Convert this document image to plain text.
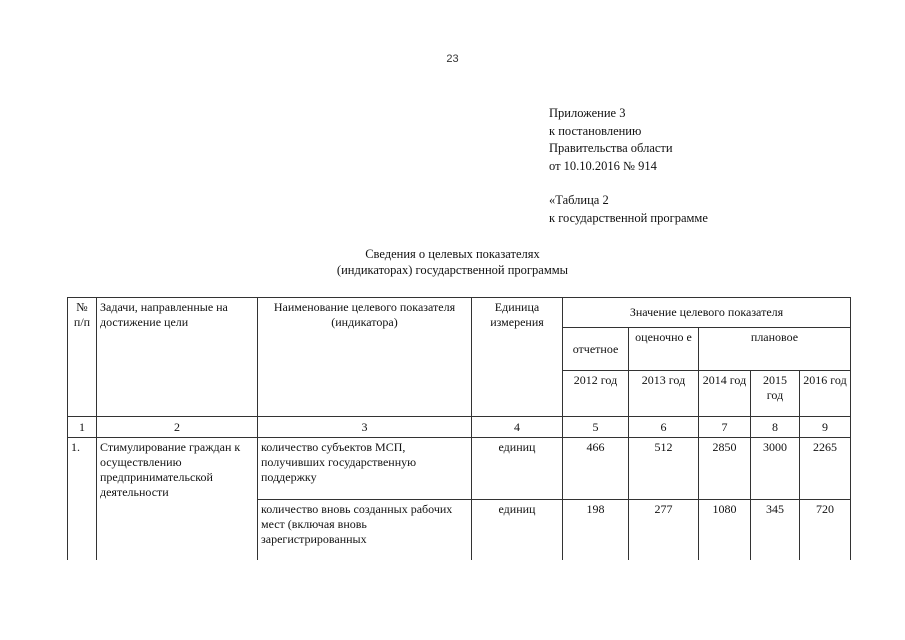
23
Приложение 3
к постановлению
Правительства области
от 10.10.2016 № 914
«Таблица 2
к государственной программе
Сведения о целевых показателях
(индикаторах) государственной программы
№ п/п	Задачи, направленные на достижение цели	Наименование целевого показателя (индикатора)	Единица измерения	Значение целевого показателя				
				отчетное	оценочно е	плановое		
				2012 год	2013 год	2014 год	2015 год	2016 год
1	2	3	4	5	6	7	8	9
1.	Стимулирование граждан к осуществлению предпринимательской деятельности	количество субъектов МСП, получивших государственную поддержку	единиц	466	512	2850	3000	2265
		количество вновь созданных рабочих мест (включая вновь зарегистрированных	единиц	198	277	1080	345	720
